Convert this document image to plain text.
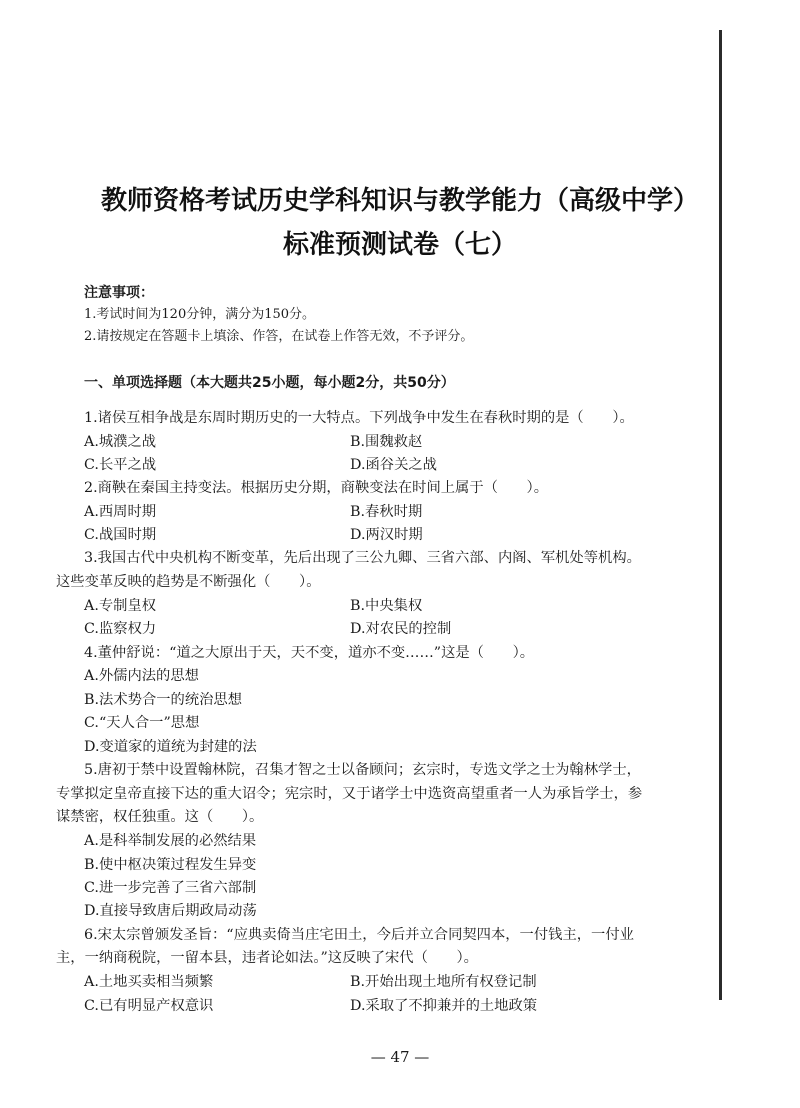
教师资格考试历史学科知识与教学能力（高级中学）
标准预测试卷（七）
注意事项：
1.考试时间为120分钟，满分为150分。
2.请按规定在答题卡上填涂、作答，在试卷上作答无效，不予评分。
一、单项选择题（本大题共25小题，每小题2分，共50分）
1.诸侯互相争战是东周时期历史的一大特点。下列战争中发生在春秋时期的是（　　）。
A.城濮之战	B.围魏救赵
C.长平之战	D.函谷关之战
2.商鞅在秦国主持变法。根据历史分期，商鞅变法在时间上属于（　　）。
A.西周时期	B.春秋时期
C.战国时期	D.两汉时期
3.我国古代中央机构不断变革，先后出现了三公九卿、三省六部、内阁、军机处等机构。
这些变革反映的趋势是不断强化（　　）。
A.专制皇权	B.中央集权
C.监察权力	D.对农民的控制
4.董仲舒说：“道之大原出于天，天不变，道亦不变……”这是（　　）。
A.外儒内法的思想
B.法术势合一的统治思想
C.“天人合一”思想
D.变道家的道统为封建的法
5.唐初于禁中设置翰林院，召集才智之士以备顾问；玄宗时，专选文学之士为翰林学士，
专掌拟定皇帝直接下达的重大诏令；宪宗时，又于诸学士中选资高望重者一人为承旨学士，参
谋禁密，权任独重。这（　　）。
A.是科举制发展的必然结果
B.使中枢决策过程发生异变
C.进一步完善了三省六部制
D.直接导致唐后期政局动荡
6.宋太宗曾颁发圣旨：“应典卖倚当庄宅田土，今后并立合同契四本，一付钱主，一付业
主，一纳商税院，一留本县，违者论如法。”这反映了宋代（　　）。
A.土地买卖相当频繁	B.开始出现土地所有权登记制
C.已有明显产权意识	D.采取了不抑兼并的土地政策
— 47 —
